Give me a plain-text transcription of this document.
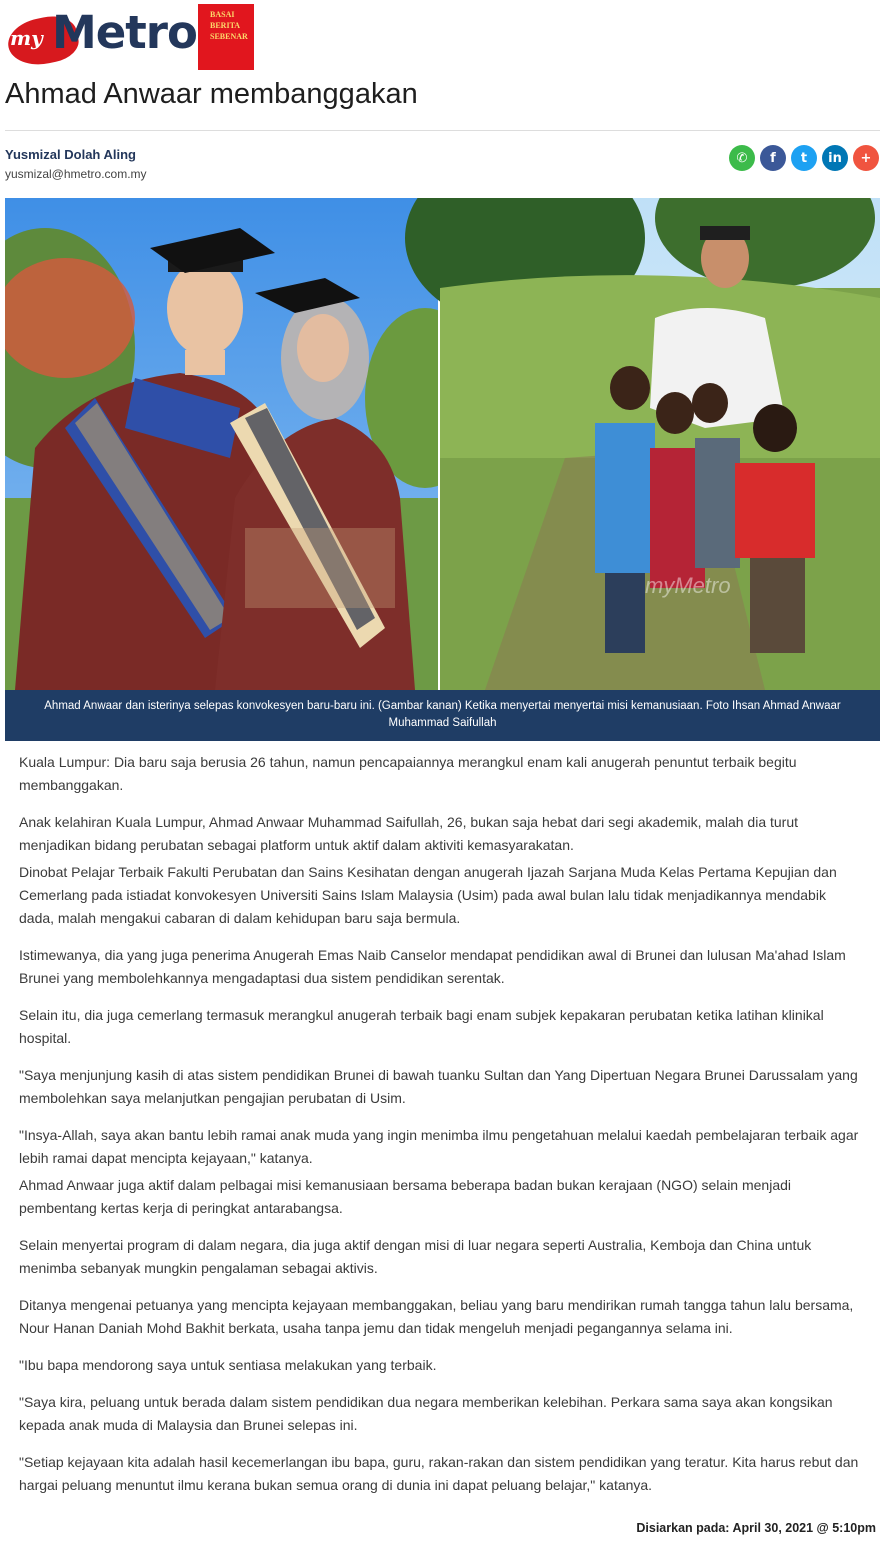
my Metro BASAI
BERITA
SEBENAR
Ahmad Anwaar membanggakan
Yusmizal Dolah Aling
yusmizal@hmetro.com.my
✆ f t in +
myMetro
Ahmad Anwaar dan isterinya selepas konvokesyen baru-baru ini. (Gambar kanan) Ketika menyertai menyertai misi kemanusiaan. Foto Ihsan Ahmad Anwaar Muhammad Saifullah

Kuala Lumpur: Dia baru saja berusia 26 tahun, namun pencapaiannya merangkul enam kali anugerah penuntut terbaik begitu membanggakan.

Anak kelahiran Kuala Lumpur, Ahmad Anwaar Muhammad Saifullah, 26, bukan saja hebat dari segi akademik, malah dia turut menjadikan bidang perubatan sebagai platform untuk aktif dalam aktiviti kemasyarakatan.

Dinobat Pelajar Terbaik Fakulti Perubatan dan Sains Kesihatan dengan anugerah Ijazah Sarjana Muda Kelas Pertama Kepujian dan Cemerlang pada istiadat konvokesyen Universiti Sains Islam Malaysia (Usim) pada awal bulan lalu tidak menjadikannya mendabik dada, malah mengakui cabaran di dalam kehidupan baru saja bermula.

Istimewanya, dia yang juga penerima Anugerah Emas Naib Canselor mendapat pendidikan awal di Brunei dan lulusan Ma'ahad Islam Brunei yang membolehkannya mengadaptasi dua sistem pendidikan serentak.

Selain itu, dia juga cemerlang termasuk merangkul anugerah terbaik bagi enam subjek kepakaran perubatan ketika latihan klinikal hospital.

"Saya menjunjung kasih di atas sistem pendidikan Brunei di bawah tuanku Sultan dan Yang Dipertuan Negara Brunei Darussalam yang membolehkan saya melanjutkan pengajian perubatan di Usim.

"Insya-Allah, saya akan bantu lebih ramai anak muda yang ingin menimba ilmu pengetahuan melalui kaedah pembelajaran terbaik agar lebih ramai dapat mencipta kejayaan," katanya.

Ahmad Anwaar juga aktif dalam pelbagai misi kemanusiaan bersama beberapa badan bukan kerajaan (NGO) selain menjadi pembentang kertas kerja di peringkat antarabangsa.

Selain menyertai program di dalam negara, dia juga aktif dengan misi di luar negara seperti Australia, Kemboja dan China untuk menimba sebanyak mungkin pengalaman sebagai aktivis.

Ditanya mengenai petuanya yang mencipta kejayaan membanggakan, beliau yang baru mendirikan rumah tangga tahun lalu bersama, Nour Hanan Daniah Mohd Bakhit berkata, usaha tanpa jemu dan tidak mengeluh menjadi pegangannya selama ini.

"Ibu bapa mendorong saya untuk sentiasa melakukan yang terbaik.

"Saya kira, peluang untuk berada dalam sistem pendidikan dua negara memberikan kelebihan. Perkara sama saya akan kongsikan kepada anak muda di Malaysia dan Brunei selepas ini.

"Setiap kejayaan kita adalah hasil kecemerlangan ibu bapa, guru, rakan-rakan dan sistem pendidikan yang teratur. Kita harus rebut dan hargai peluang menuntut ilmu kerana bukan semua orang di dunia ini dapat peluang belajar," katanya.

Disiarkan pada: April 30, 2021 @ 5:10pm
